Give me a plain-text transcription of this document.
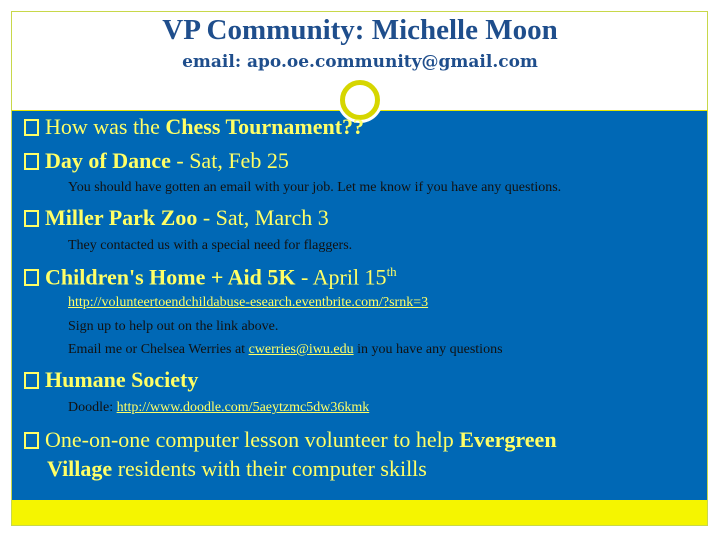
VP Community: Michelle Moon
email: apo.oe.community@gmail.com
How was the Chess Tournament??
Day of Dance - Sat, Feb 25
You should have gotten an email with your job. Let me know if you have any questions.
Miller Park Zoo - Sat, March 3
They contacted us with a special need for flaggers.
Children's Home + Aid 5K - April 15th
http://volunteertoendchildabuse-esearch.eventbrite.com/?srnk=3
Sign up to help out on the link above.
Email me or Chelsea Werries at cwerries@iwu.edu in you have any questions
Humane Society
Doodle: http://www.doodle.com/5aeytzmc5dw36kmk
One-on-one computer lesson volunteer to help Evergreen
Village residents with their computer skills
